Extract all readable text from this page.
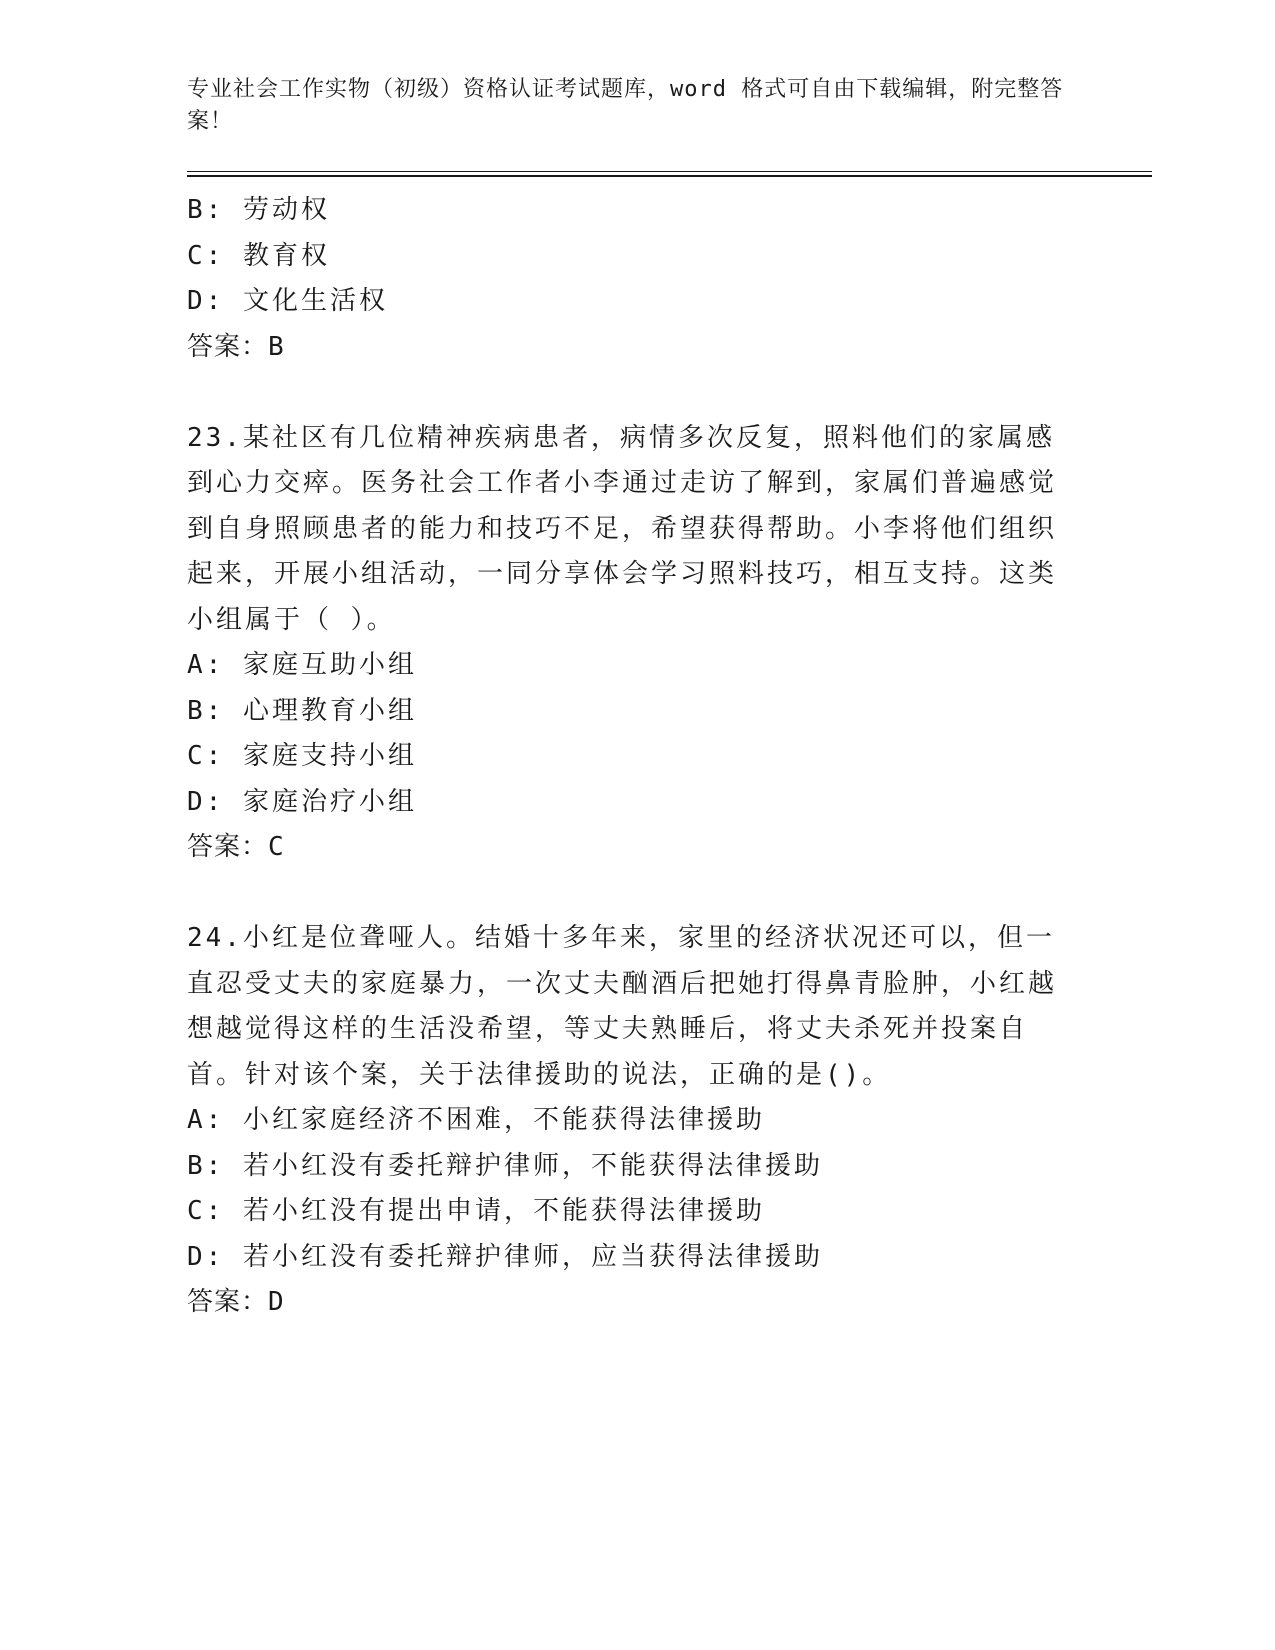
专业社会工作实物（初级）资格认证考试题库，word 格式可自由下载编辑，附完整答案！

B: 劳动权

C: 教育权

D: 文化生活权

答案：B

23.某社区有几位精神疾病患者，病情多次反复，照料他们的家属感到心力交瘁。医务社会工作者小李通过走访了解到，家属们普遍感觉到自身照顾患者的能力和技巧不足，希望获得帮助。小李将他们组织起来，开展小组活动，一同分享体会学习照料技巧，相互支持。这类小组属于（ ）。

A: 家庭互助小组

B: 心理教育小组

C: 家庭支持小组

D: 家庭治疗小组

答案：C

24.小红是位聋哑人。结婚十多年来，家里的经济状况还可以，但一直忍受丈夫的家庭暴力，一次丈夫酗酒后把她打得鼻青脸肿，小红越想越觉得这样的生活没希望，等丈夫熟睡后，将丈夫杀死并投案自首。针对该个案，关于法律援助的说法，正确的是()。

A: 小红家庭经济不困难，不能获得法律援助

B: 若小红没有委托辩护律师，不能获得法律援助

C: 若小红没有提出申请，不能获得法律援助

D: 若小红没有委托辩护律师，应当获得法律援助

答案：D
